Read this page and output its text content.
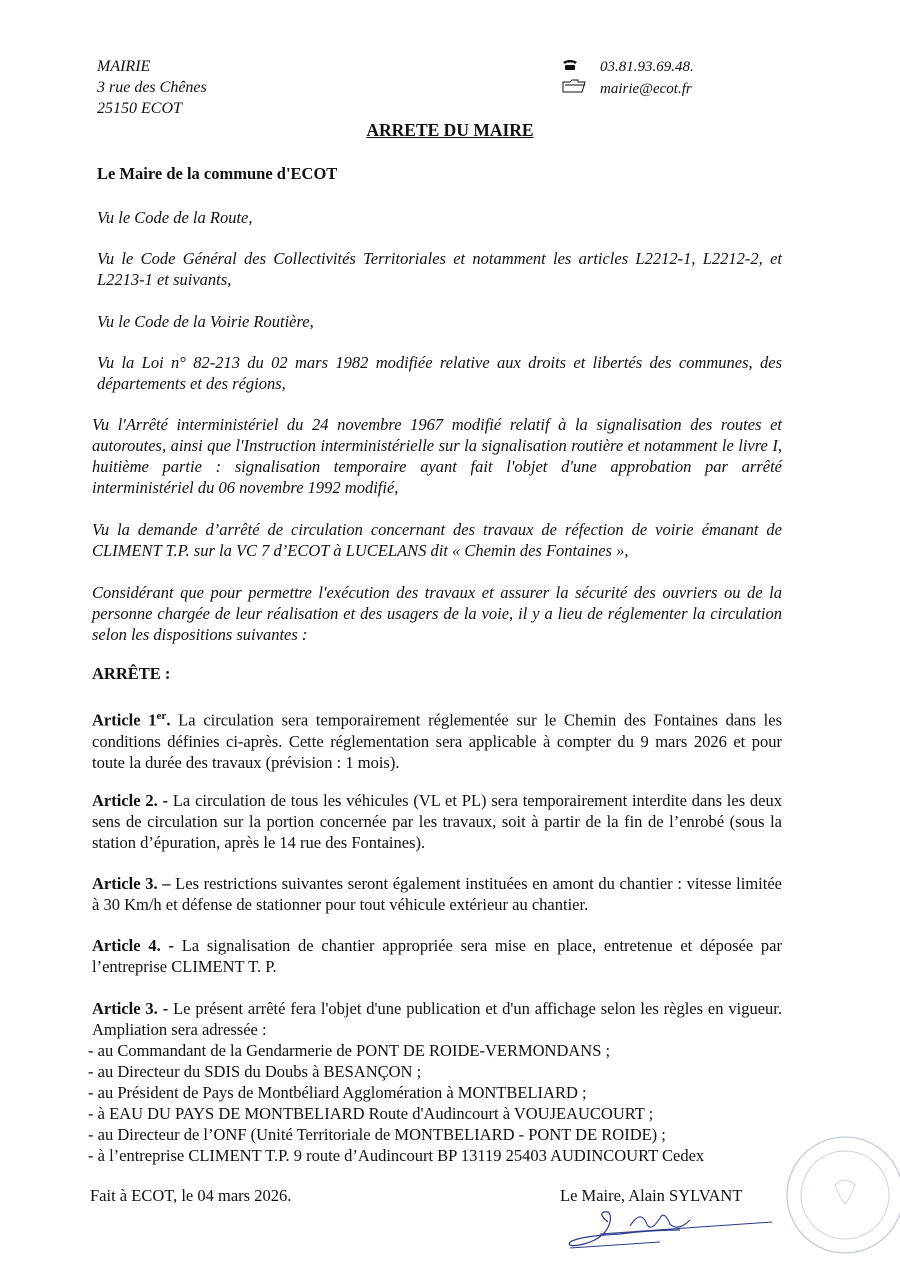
MAIRIE
3 rue des Chênes
25150 ECOT
03.81.93.69.48.
mairie@ecot.fr
ARRETE DU MAIRE
Le Maire de la commune d'ECOT

Vu le Code de la Route,

Vu le Code Général des Collectivités Territoriales et notamment les articles L2212-1, L2212-2, et L2213-1 et suivants,

Vu le Code de la Voirie Routière,

Vu la Loi n° 82-213 du 02 mars 1982 modifiée relative aux droits et libertés des communes, des départements et des régions,

Vu l'Arrêté interministériel du 24 novembre 1967 modifié relatif à la signalisation des routes et autoroutes, ainsi que l'Instruction interministérielle sur la signalisation routière et notamment le livre I, huitième partie : signalisation temporaire ayant fait l'objet d'une approbation par arrêté interministériel du 06 novembre 1992 modifié,

Vu la demande d’arrêté de circulation concernant des travaux de réfection de voirie émanant de CLIMENT T.P. sur la VC 7 d’ECOT à LUCELANS dit « Chemin des Fontaines »,

Considérant que pour permettre l'exécution des travaux et assurer la sécurité des ouvriers ou de la personne chargée de leur réalisation et des usagers de la voie, il y a lieu de réglementer la circulation selon les dispositions suivantes :

ARRÊTE :

Article 1er. La circulation sera temporairement réglementée sur le Chemin des Fontaines dans les conditions définies ci-après. Cette réglementation sera applicable à compter du 9 mars 2026 et pour toute la durée des travaux (prévision : 1 mois).

Article 2. - La circulation de tous les véhicules (VL et PL) sera temporairement interdite dans les deux sens de circulation sur la portion concernée par les travaux, soit à partir de la fin de l’enrobé (sous la station d’épuration, après le 14 rue des Fontaines).

Article 3. – Les restrictions suivantes seront également instituées en amont du chantier : vitesse limitée à 30 Km/h et défense de stationner pour tout véhicule extérieur au chantier.

Article 4. - La signalisation de chantier appropriée sera mise en place, entretenue et déposée par l’entreprise CLIMENT T. P.

Article 3. - Le présent arrêté fera l'objet d'une publication et d'un affichage selon les règles en vigueur. Ampliation sera adressée :

- au Commandant de la Gendarmerie de PONT DE ROIDE-VERMONDANS ;
- au Directeur du SDIS du Doubs à BESANÇON ;
- au Président de Pays de Montbéliard Agglomération à MONTBELIARD ;
- à EAU DU PAYS DE MONTBELIARD Route d'Audincourt à VOUJEAUCOURT ;
- au Directeur de l’ONF (Unité Territoriale de MONTBELIARD - PONT DE ROIDE) ;
- à l’entreprise CLIMENT T.P. 9 route d’Audincourt BP 13119 25403 AUDINCOURT Cedex
Fait à ECOT, le 04 mars 2026.	Le Maire, Alain SYLVANT
